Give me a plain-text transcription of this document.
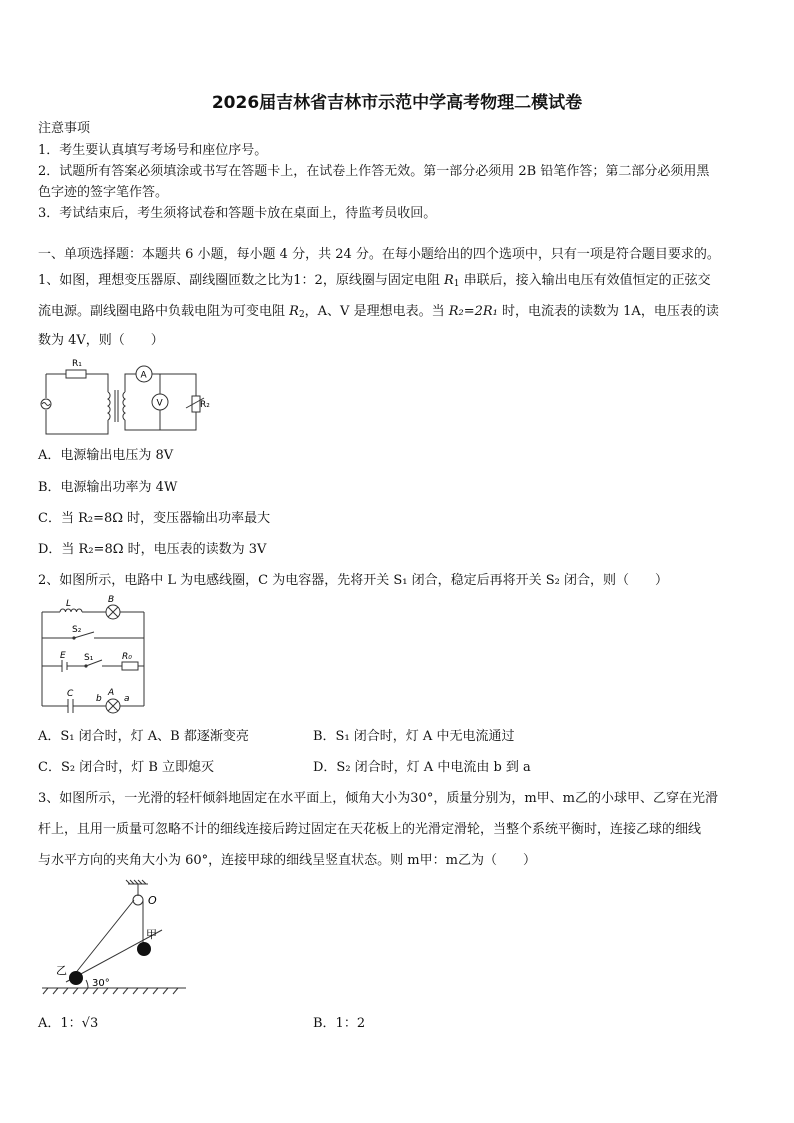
2026届吉林省吉林市示范中学高考物理二模试卷
注意事项
1．考生要认真填写考场号和座位序号。
2．试题所有答案必须填涂或书写在答题卡上，在试卷上作答无效。第一部分必须用 2B 铅笔作答；第二部分必须用黑
色字迹的签字笔作答。
3．考试结束后，考生须将试卷和答题卡放在桌面上，待监考员收回。
一、单项选择题：本题共 6 小题，每小题 4 分，共 24 分。在每小题给出的四个选项中，只有一项是符合题目要求的。
1、如图，理想变压器原、副线圈匝数之比为1：2，原线圈与固定电阻 $R_1$ 串联后，接入输出电压有效值恒定的正弦交
流电源。副线圈电路中负载电阻为可变电阻 $R_2$，A、V 是理想电表。当 R₂=2R₁ 时，电流表的读数为 1A，电压表的读
数为 4V，则（　　）
R₁
R₂
A
V
A．电源输出电压为 8V
B．电源输出功率为 4W
C．当 R₂=8Ω 时，变压器输出功率最大
D．当 R₂=8Ω 时，电压表的读数为 3V
2、如图所示，电路中 L 为电感线圈，C 为电容器，先将开关 S₁ 闭合，稳定后再将开关 S₂ 闭合，则（　　）
L	B
S₂
E S₁	R₀
C	b
A
a
A．S₁ 闭合时，灯 A、B 都逐渐变亮	B．S₁ 闭合时，灯 A 中无电流通过
C．S₂ 闭合时，灯 B 立即熄灭	D．S₂ 闭合时，灯 A 中电流由 b 到 a
3、如图所示，一光滑的轻杆倾斜地固定在水平面上，倾角大小为30°，质量分别为，m甲、m乙的小球甲、乙穿在光滑
杆上，且用一质量可忽略不计的细线连接后跨过固定在天花板上的光滑定滑轮，当整个系统平衡时，连接乙球的细线
与水平方向的夹角大小为 60°，连接甲球的细线呈竖直状态。则 m甲：m乙为（　　）
O
甲
乙
30°
A．1：√3	B．1：2
